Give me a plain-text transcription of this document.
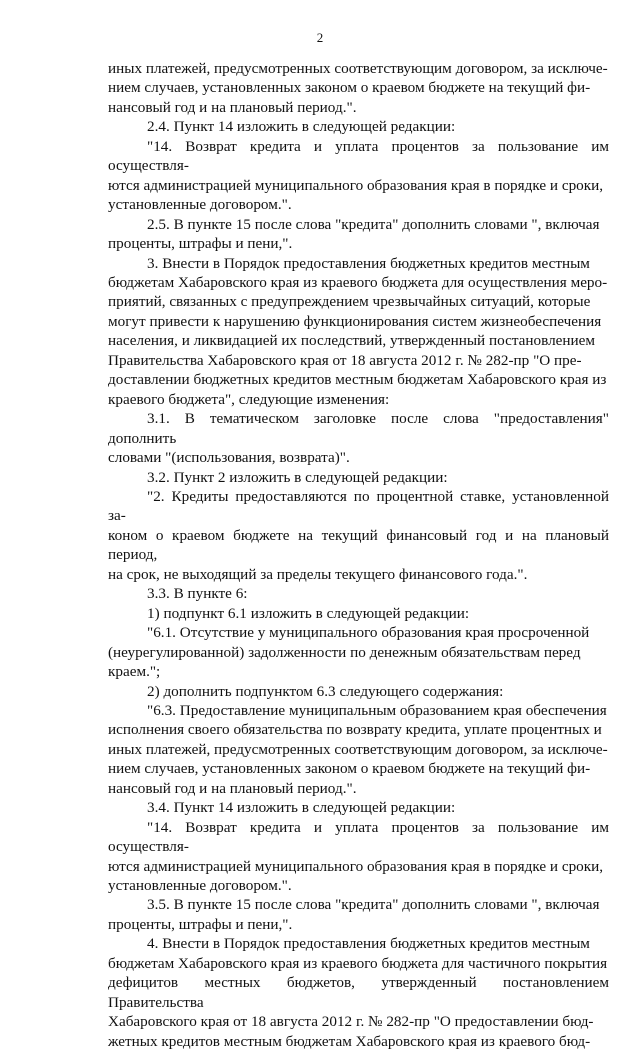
2

иных платежей, предусмотренных соответствующим договором, за исключе-
нием случаев, установленных законом о краевом бюджете на текущий фи-
нансовый год и на плановый период.".

2.4. Пункт 14 изложить в следующей редакции:

"14. Возврат кредита и уплата процентов за пользование им осуществля-
ются администрацией муниципального образования края в порядке и сроки,
установленные договором.".

2.5. В пункте 15 после слова "кредита" дополнить словами ", включая
проценты, штрафы и пени,".

3. Внести в Порядок предоставления бюджетных кредитов местным
бюджетам Хабаровского края из краевого бюджета для осуществления меро-
приятий, связанных с предупреждением чрезвычайных ситуаций, которые
могут привести к нарушению функционирования систем жизнеобеспечения
населения, и ликвидацией их последствий, утвержденный постановлением
Правительства Хабаровского края от 18 августа 2012 г. № 282-пр "О пре-
доставлении бюджетных кредитов местным бюджетам Хабаровского края из
краевого бюджета", следующие изменения:

3.1. В тематическом заголовке после слова "предоставления" дополнить
словами "(использования, возврата)".

3.2. Пункт 2 изложить в следующей редакции:

"2. Кредиты предоставляются по процентной ставке, установленной за-
коном о краевом бюджете на текущий финансовый год и на плановый период,
на срок, не выходящий за пределы текущего финансового года.".

3.3. В пункте 6:

1) подпункт 6.1 изложить в следующей редакции:

"6.1. Отсутствие у муниципального образования края просроченной
(неурегулированной) задолженности по денежным обязательствам перед
краем.";

2) дополнить подпунктом 6.3 следующего содержания:

"6.3. Предоставление муниципальным образованием края обеспечения
исполнения своего обязательства по возврату кредита, уплате процентных и
иных платежей, предусмотренных соответствующим договором, за исключе-
нием случаев, установленных законом о краевом бюджете на текущий фи-
нансовый год и на плановый период.".

3.4. Пункт 14 изложить в следующей редакции:

"14. Возврат кредита и уплата процентов за пользование им осуществля-
ются администрацией муниципального образования края в порядке и сроки,
установленные договором.".

3.5. В пункте 15 после слова "кредита" дополнить словами ", включая
проценты, штрафы и пени,".

4. Внести в Порядок предоставления бюджетных кредитов местным
бюджетам Хабаровского края из краевого бюджета для частичного покрытия
дефицитов местных бюджетов, утвержденный постановлением Правительства
Хабаровского края от 18 августа 2012 г. № 282-пр "О предоставлении бюд-
жетных кредитов местным бюджетам Хабаровского края из краевого бюд-
